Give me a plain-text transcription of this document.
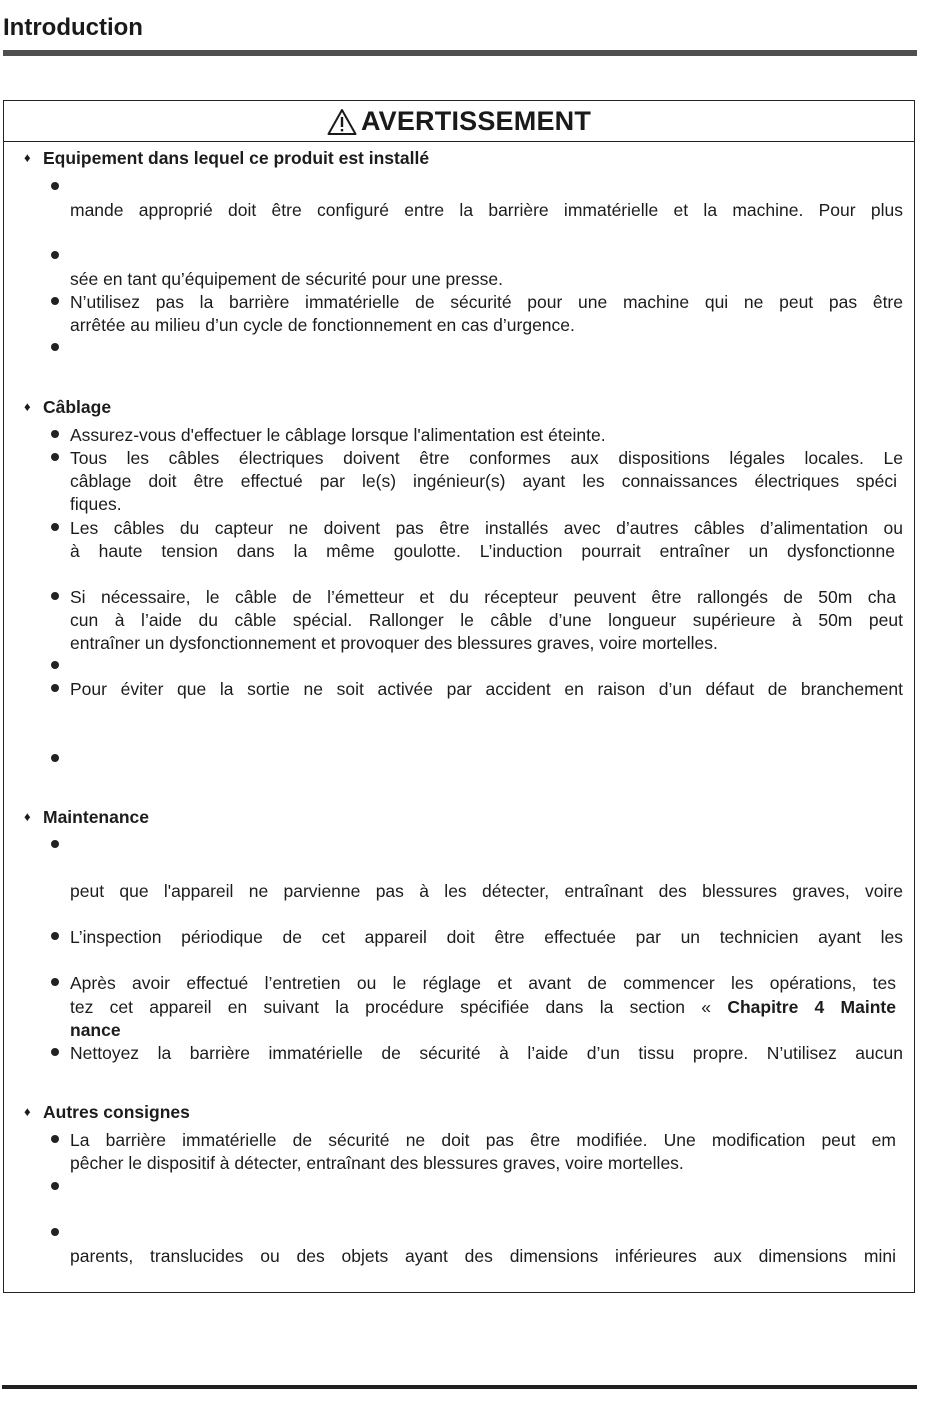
Introduction
AVERTISSEMENT
♦ Equipement dans lequel ce produit est installé
mande approprié doit être configuré entre la barrière immatérielle et la machine. Pour plus
sée en tant qu’équipement de sécurité pour une presse.
N’utilisez pas la barrière immatérielle de sécurité pour une machine qui ne peut pas être
arrêtée au milieu d’un cycle de fonctionnement en cas d’urgence.
♦ Câblage
Assurez-vous d'effectuer le câblage lorsque l'alimentation est éteinte.
Tous les câbles électriques doivent être conformes aux dispositions légales locales. Le
câblage doit être effectué par le(s) ingénieur(s) ayant les connaissances électriques spéci
fiques.
Les câbles du capteur ne doivent pas être installés avec d’autres câbles d’alimentation ou
à haute tension dans la même goulotte. L’induction pourrait entraîner un dysfonctionne
Si nécessaire, le câble de l’émetteur et du récepteur peuvent être rallongés de 50m cha
cun à l’aide du câble spécial. Rallonger le câble d’une longueur supérieure à 50m peut
entraîner un dysfonctionnement et provoquer des blessures graves, voire mortelles.
Pour éviter que la sortie ne soit activée par accident en raison d’un défaut de branchement
♦ Maintenance
peut que l'appareil ne parvienne pas à les détecter, entraînant des blessures graves, voire
L’inspection périodique de cet appareil doit être effectuée par un technicien ayant les
Après avoir effectué l’entretien ou le réglage et avant de commencer les opérations, tes
tez cet appareil en suivant la procédure spécifiée dans la section « Chapitre 4 Mainte
nance
Nettoyez la barrière immatérielle de sécurité à l’aide d’un tissu propre. N’utilisez aucun
♦ Autres consignes
La barrière immatérielle de sécurité ne doit pas être modifiée. Une modification peut em
pêcher le dispositif à détecter, entraînant des blessures graves, voire mortelles.
parents, translucides ou des objets ayant des dimensions inférieures aux dimensions mini
